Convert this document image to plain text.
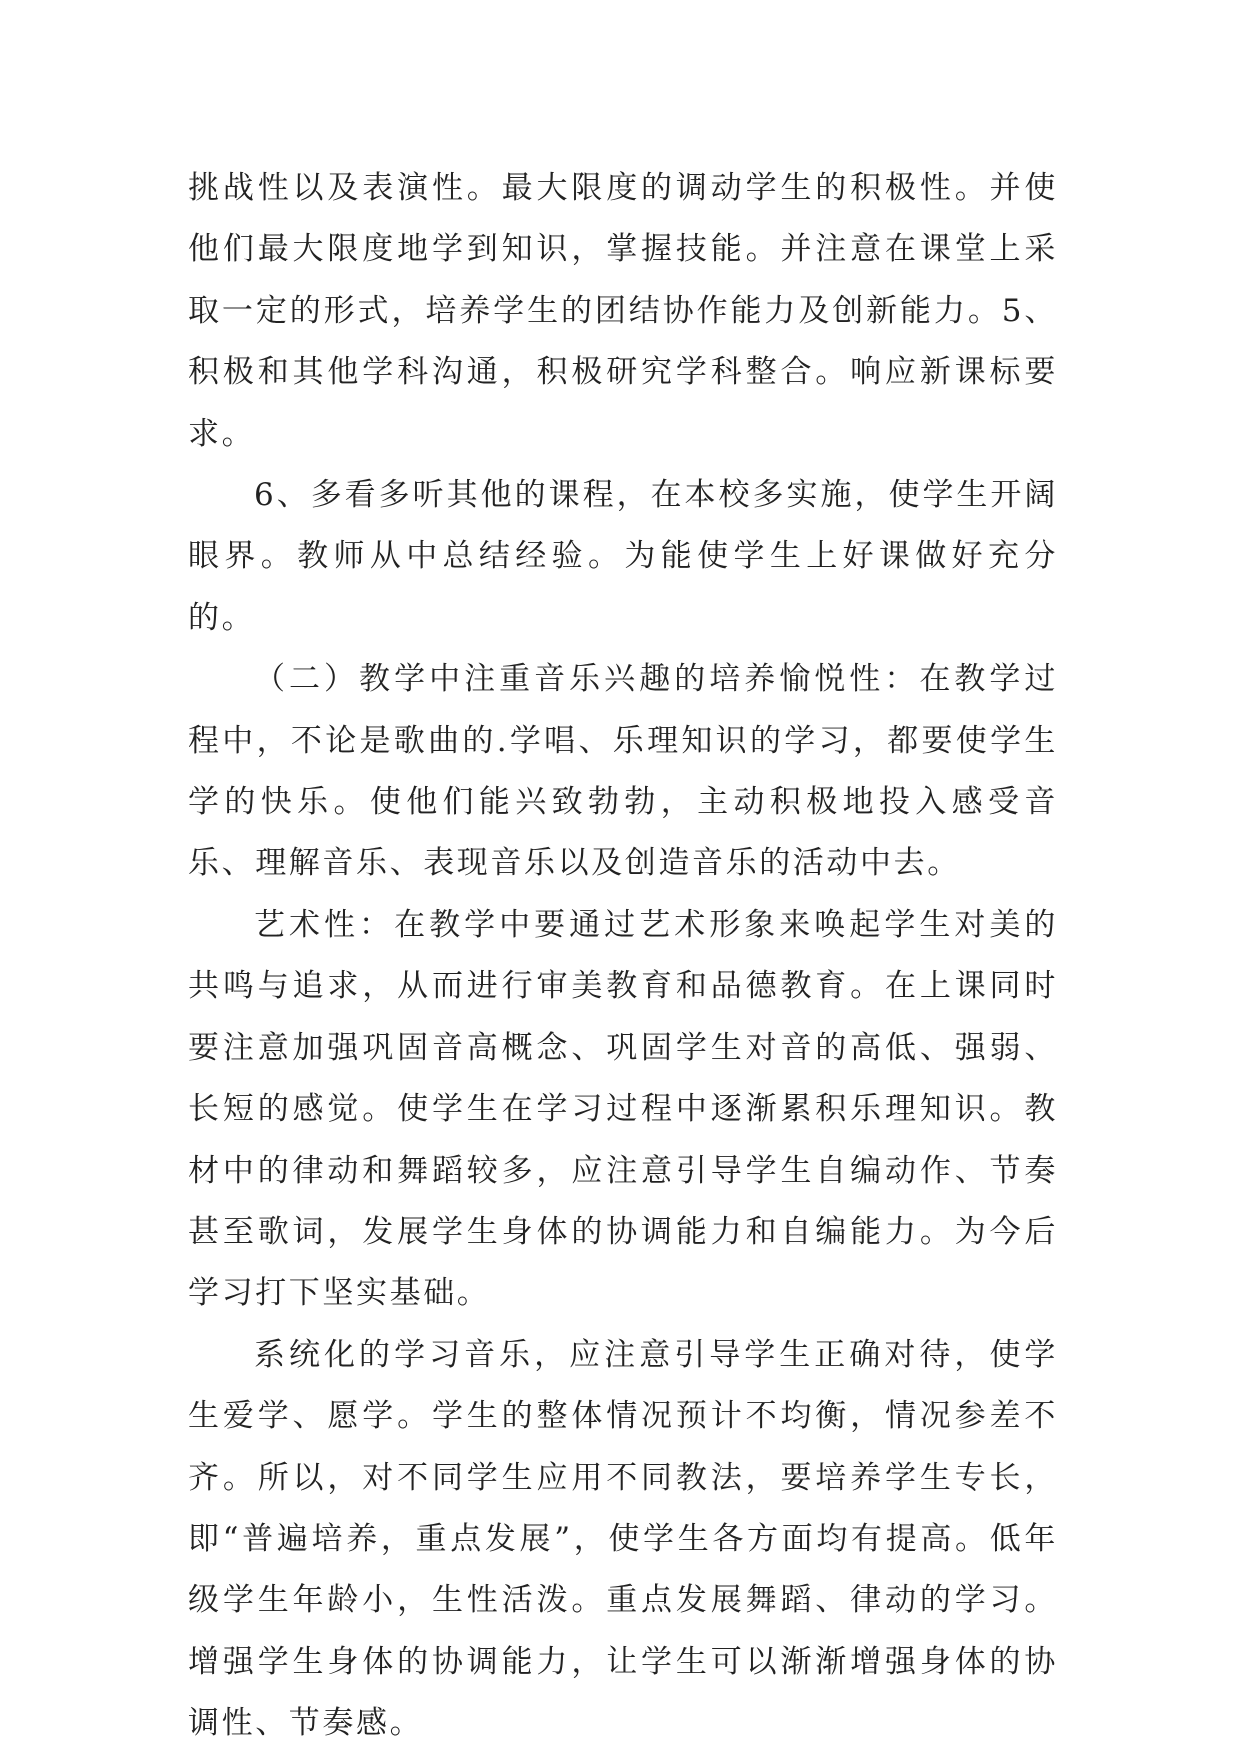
挑战性以及表演性。最大限度的调动学生的积极性。并使他们最大限度地学到知识，掌握技能。并注意在课堂上采取一定的形式，培养学生的团结协作能力及创新能力。5、积极和其他学科沟通，积极研究学科整合。响应新课标要求。

6、多看多听其他的课程，在本校多实施，使学生开阔眼界。教师从中总结经验。为能使学生上好课做好充分的。

（二）教学中注重音乐兴趣的培养愉悦性：在教学过程中，不论是歌曲的.学唱、乐理知识的学习，都要使学生学的快乐。使他们能兴致勃勃，主动积极地投入感受音乐、理解音乐、表现音乐以及创造音乐的活动中去。

艺术性：在教学中要通过艺术形象来唤起学生对美的共鸣与追求，从而进行审美教育和品德教育。在上课同时要注意加强巩固音高概念、巩固学生对音的高低、强弱、长短的感觉。使学生在学习过程中逐渐累积乐理知识。教材中的律动和舞蹈较多，应注意引导学生自编动作、节奏甚至歌词，发展学生身体的协调能力和自编能力。为今后学习打下坚实基础。

系统化的学习音乐，应注意引导学生正确对待，使学生爱学、愿学。学生的整体情况预计不均衡，情况参差不齐。所以，对不同学生应用不同教法，要培养学生专长，即“普遍培养，重点发展”，使学生各方面均有提高。低年级学生年龄小，生性活泼。重点发展舞蹈、律动的学习。增强学生身体的协调能力，让学生可以渐渐增强身体的协调性、节奏感。
